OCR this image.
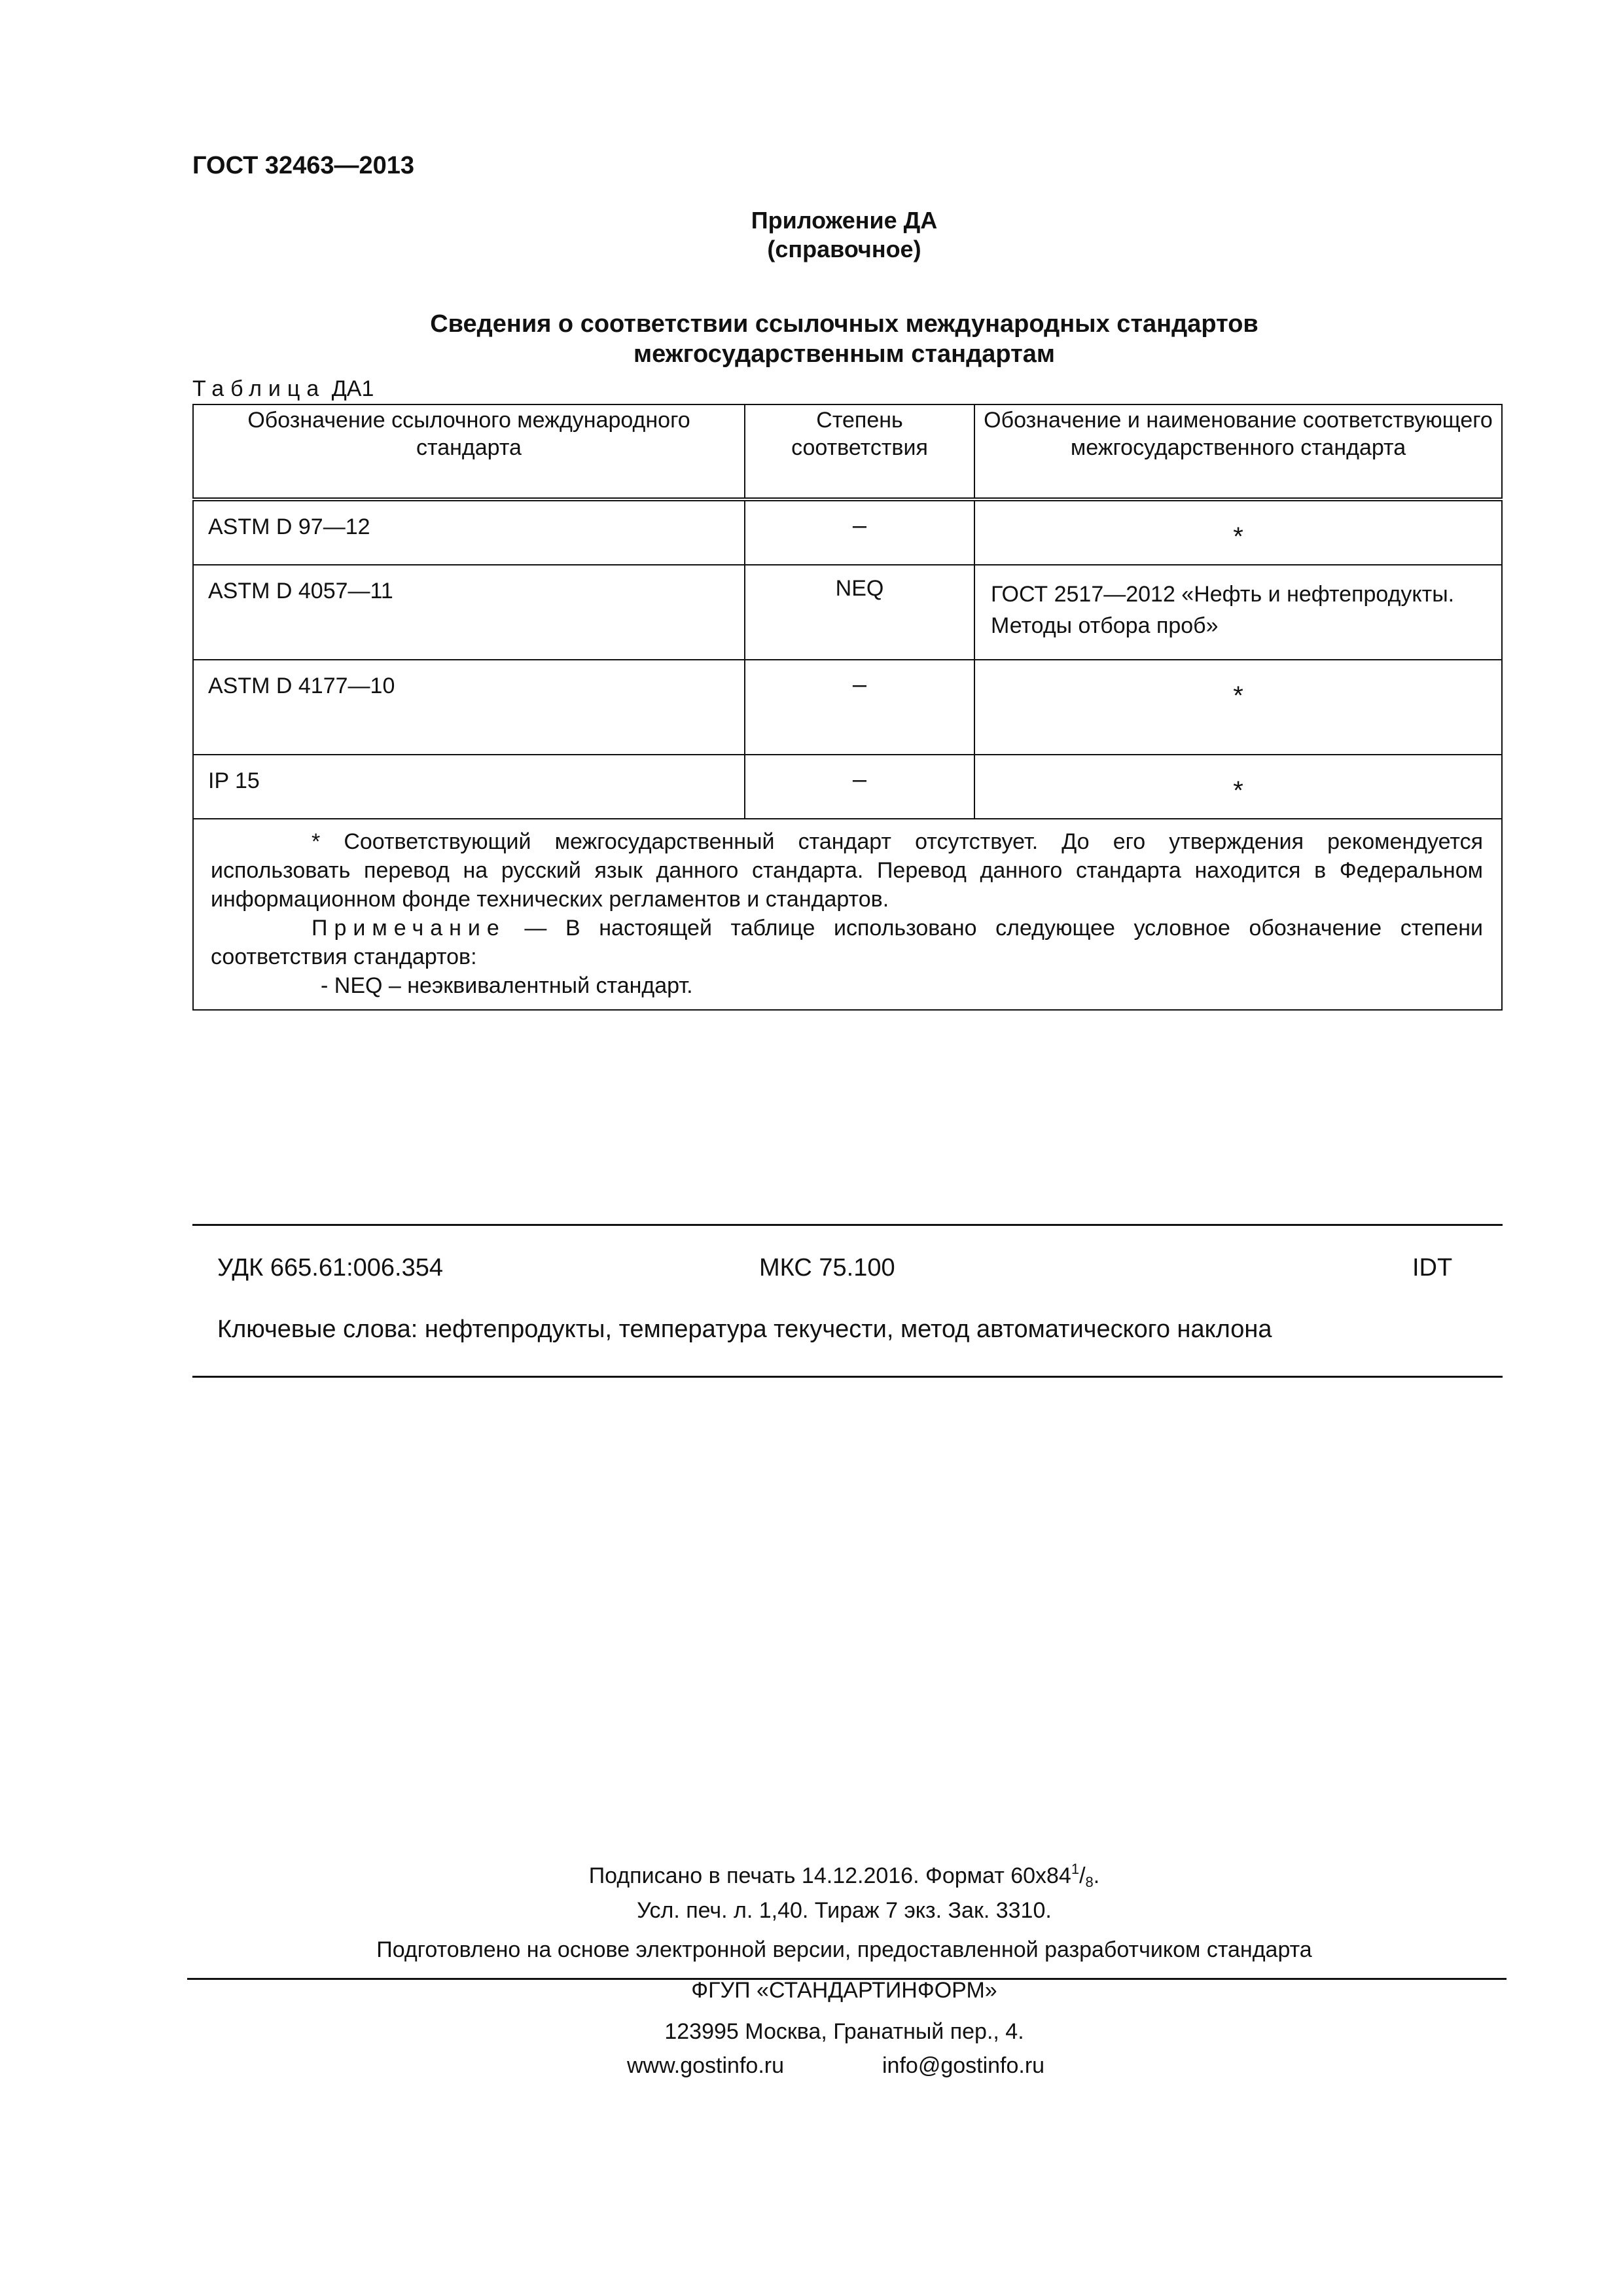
ГОСТ 32463—2013
Приложение ДА
(справочное)
Сведения о соответствии ссылочных международных стандартов
межгосударственным стандартам
Таблица ДА1
Обозначение ссылочного международного стандарта	Степень соответствия	Обозначение и наименование соответствующего межгосударственного стандарта
ASTM D 97—12	–	*
ASTM D 4057—11	NEQ	ГОСТ 2517—2012 «Нефть и нефтепродукты. Методы отбора проб»
ASTM D 4177—10	–	*
IP 15	–	*

* Соответствующий межгосударственный стандарт отсутствует. До его утверждения рекомендуется использовать перевод на русский язык данного стандарта. Перевод данного стандарта находится в Федеральном информационном фонде технических регламентов и стандартов.

Примечание — В настоящей таблице использовано следующее условное обозначение степени соответствия стандартов:

- NEQ – неэквивалентный стандарт.		

УДК 665.61:006.354	МКС 75.100	IDT
Ключевые слова: нефтепродукты, температура текучести, метод автоматического наклона
Подписано в печать 14.12.2016. Формат $60x84^1/_8$.
Усл. печ. л. 1,40. Тираж 7 экз. Зак. 3310.
Подготовлено на основе электронной версии, предоставленной разработчиком стандарта
ФГУП «СТАНДАРТИНФОРМ»
123995 Москва, Гранатный пер., 4.
www.gostinfo.ru	info@gostinfo.ru
